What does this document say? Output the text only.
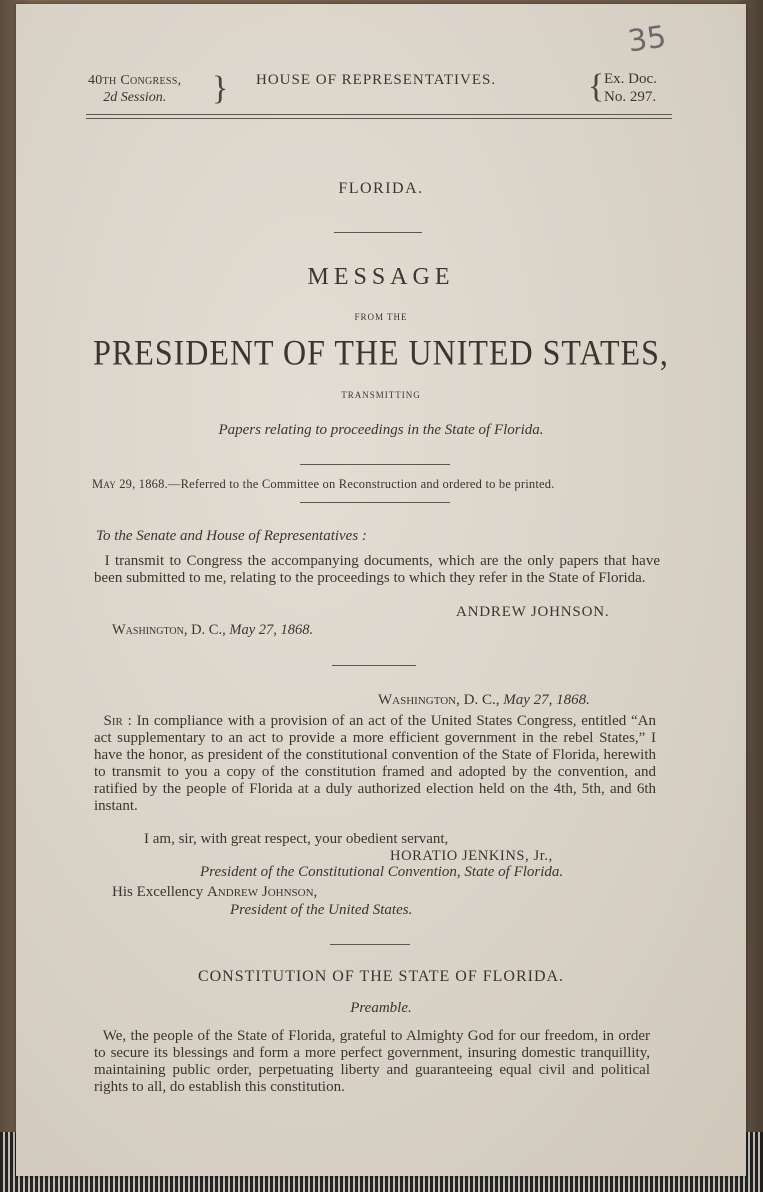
35
40th Congress,
2d Session.	} HOUSE OF REPRESENTATIVES.	{ Ex. Doc.
No. 297.
FLORIDA.
MESSAGE
FROM THE
PRESIDENT OF THE UNITED STATES,
TRANSMITTING
Papers relating to proceedings in the State of Florida.
May 29, 1868.—Referred to the Committee on Reconstruction and ordered to be printed.
To the Senate and House of Representatives :
I transmit to Congress the accompanying documents, which are the only papers that have been submitted to me, relating to the proceedings to which they refer in the State of Florida.
ANDREW JOHNSON.
Washington, D. C., May 27, 1868.
Washington, D. C., May 27, 1868.
Sir : In compliance with a provision of an act of the United States Congress, entitled “An act supplementary to an act to provide a more efficient government in the rebel States,” I have the honor, as president of the constitutional convention of the State of Florida, herewith to transmit to you a copy of the constitution framed and adopted by the convention, and ratified by the people of Florida at a duly authorized election held on the 4th, 5th, and 6th instant.
I am, sir, with great respect, your obedient servant,
HORATIO JENKINS, Jr.,
President of the Constitutional Convention, State of Florida.
His Excellency Andrew Johnson,
President of the United States.
CONSTITUTION OF THE STATE OF FLORIDA.
Preamble.
We, the people of the State of Florida, grateful to Almighty God for our freedom, in order to secure its blessings and form a more perfect government, insuring domestic tranquillity, maintaining public order, perpetuating liberty and guaranteeing equal civil and political rights to all, do establish this constitution.
